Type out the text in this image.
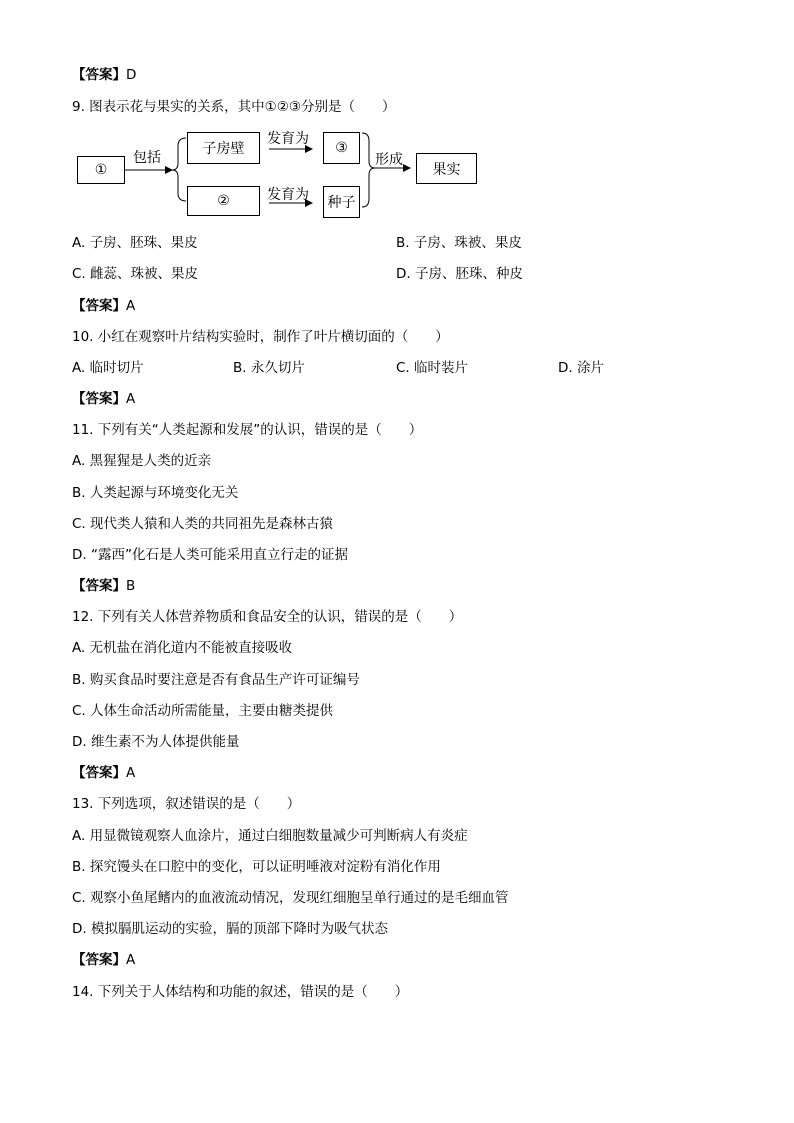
【答案】D
9. 图表示花与果实的关系，其中①②③分别是（　　）
①
子房壁
②
③
种子
果实
包括
发育为
发育为
形成
A. 子房、胚珠、果皮	B. 子房、珠被、果皮
C. 雌蕊、珠被、果皮	D. 子房、胚珠、种皮
【答案】A
10. 小红在观察叶片结构实验时，制作了叶片横切面的（　　）
A. 临时切片	B. 永久切片	C. 临时装片	D. 涂片
【答案】A
11. 下列有关“人类起源和发展”的认识，错误的是（　　）
A. 黑猩猩是人类的近亲
B. 人类起源与环境变化无关
C. 现代类人猿和人类的共同祖先是森林古猿
D. “露西”化石是人类可能采用直立行走的证据
【答案】B
12. 下列有关人体营养物质和食品安全的认识，错误的是（　　）
A. 无机盐在消化道内不能被直接吸收
B. 购买食品时要注意是否有食品生产许可证编号
C. 人体生命活动所需能量，主要由糖类提供
D. 维生素不为人体提供能量
【答案】A
13. 下列选项，叙述错误的是（　　）
A. 用显微镜观察人血涂片，通过白细胞数量减少可判断病人有炎症
B. 探究馒头在口腔中的变化，可以证明唾液对淀粉有消化作用
C. 观察小鱼尾鳍内的血液流动情况，发现红细胞呈单行通过的是毛细血管
D. 模拟膈肌运动的实验，膈的顶部下降时为吸气状态
【答案】A
14. 下列关于人体结构和功能的叙述，错误的是（　　）
